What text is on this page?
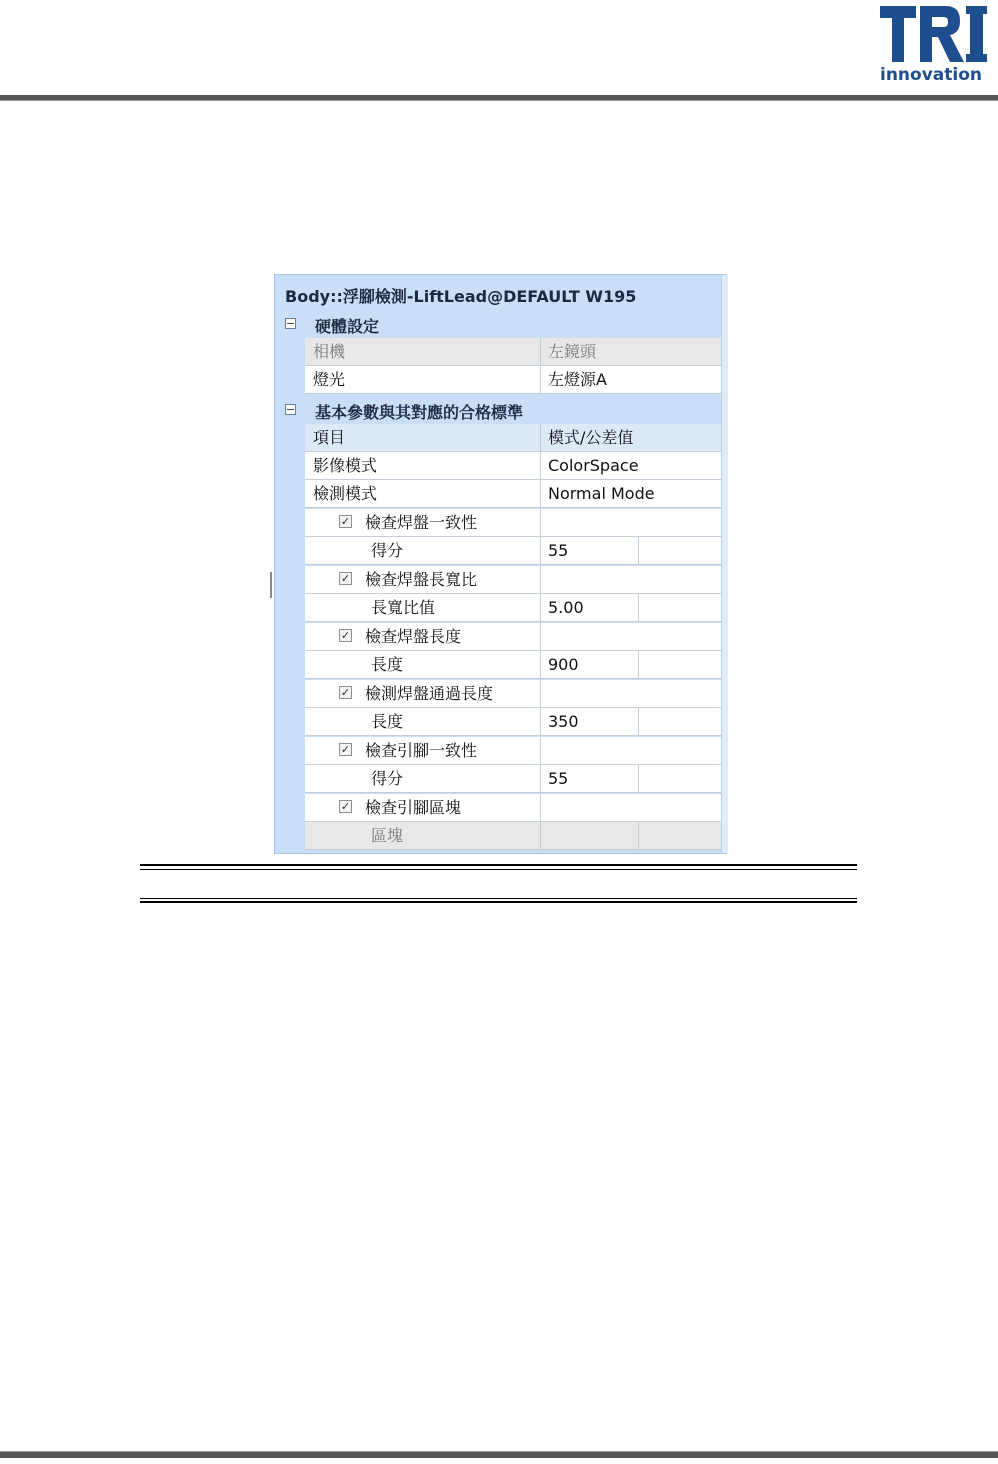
innovation
Body::浮腳檢測-LiftLead@DEFAULT W195
硬體設定
相機	左鏡頭
燈光	左燈源A
基本參數與其對應的合格標準
項目	模式/公差值
影像模式	ColorSpace
檢測模式	Normal Mode
✓ 檢查焊盤一致性
得分	55
✓ 檢查焊盤長寬比
長寬比值	5.00
✓ 檢查焊盤長度
長度	900
✓ 檢測焊盤通過長度
長度	350
✓ 檢查引腳一致性
得分	55
✓ 檢查引腳區塊
區塊
